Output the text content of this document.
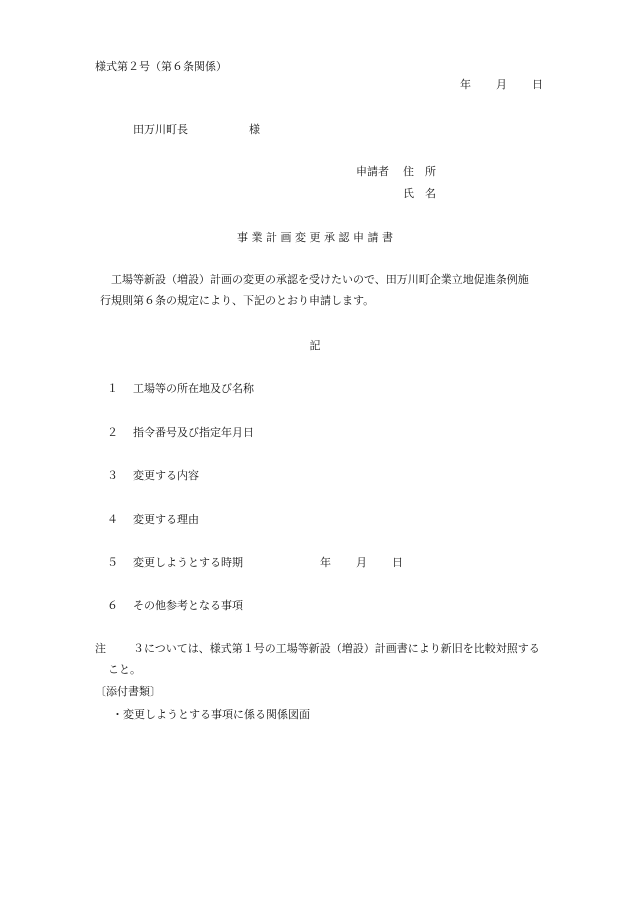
様式第２号（第６条関係）
年 月 日
田万川町長	様
申請者 住　所
氏　名
事 業 計 画 変 更 承 認 申 請 書
工場等新設（増設）計画の変更の承認を受けたいので、田万川町企業立地促進条例施
行規則第６条の規定により、下記のとおり申請します。
記
１ 工場等の所在地及び名称
２ 指令番号及び指定年月日
３ 変更する内容
４ 変更する理由
５ 変更しようとする時期	年 月 日
６ その他参考となる事項
注 ３については、様式第１号の工場等新設（増設）計画書により新旧を比較対照する
こと。
〔添付書類〕
・変更しようとする事項に係る関係図面
